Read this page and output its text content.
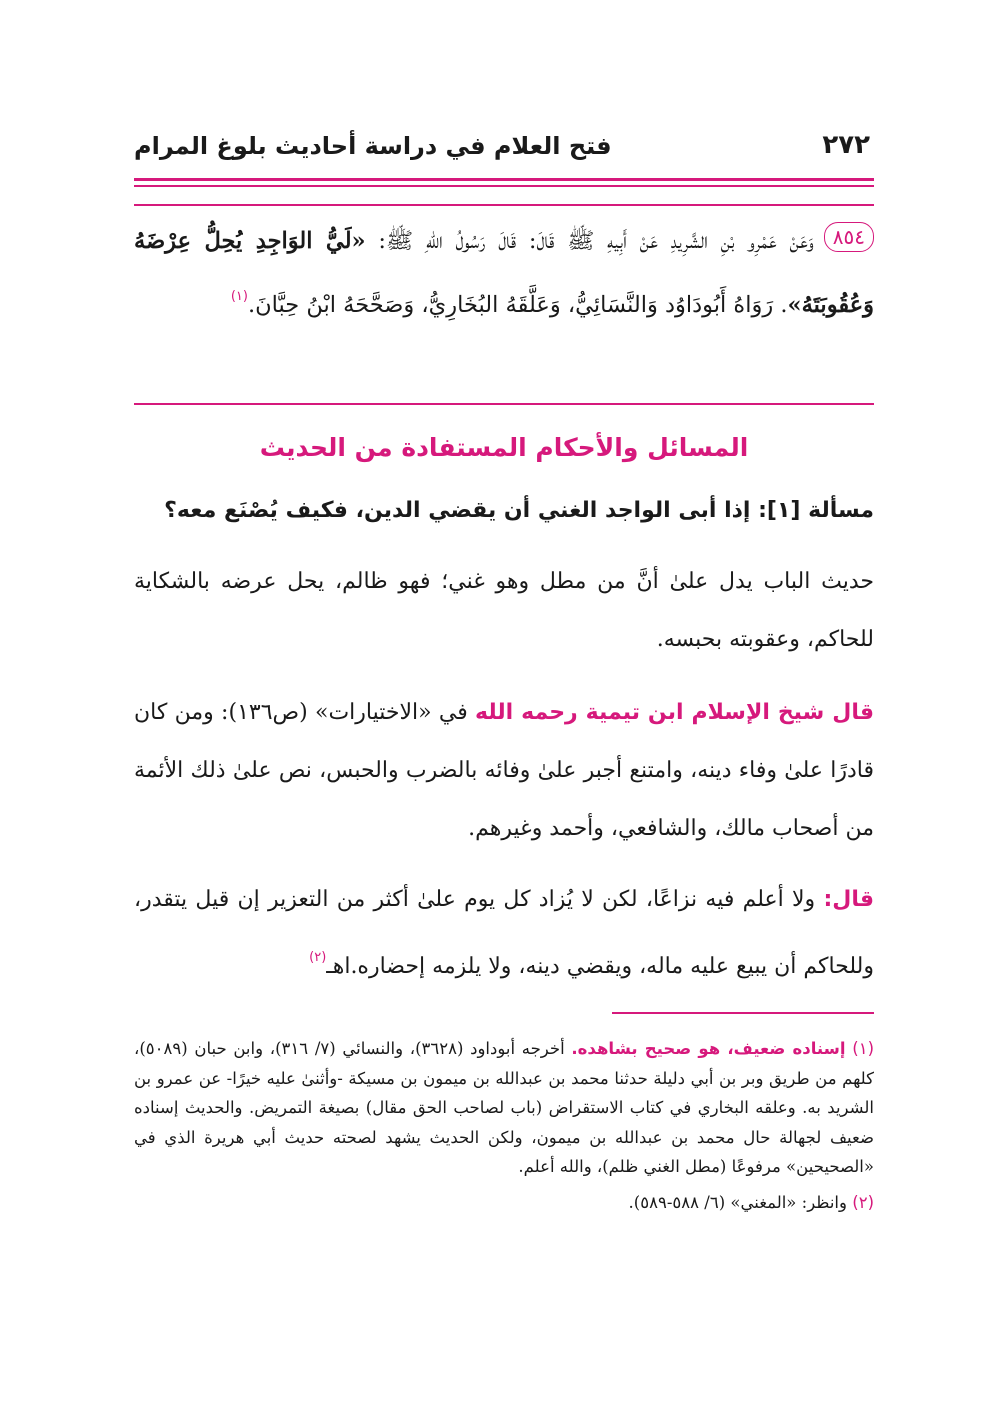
٢٧٢
فتح العلام في دراسة أحاديث بلوغ المرام
٨٥٤وَعَنْ عَمْرِو بْنِ الشَّرِيدِ عَنْ أَبِيهِ ﷺ قَالَ: قَالَ رَسُولُ اللهِ ﷺ: «لَيُّ الوَاجِدِ يُحِلُّ عِرْضَهُ وَعُقُوبَتَهُ». رَوَاهُ أَبُودَاوُد وَالنَّسَائِيُّ، وَعَلَّقَهُ البُخَارِيُّ، وَصَحَّحَهُ ابْنُ حِبَّانَ.$^{(١)}$
المسائل والأحكام المستفادة من الحديث
مسألة [١]: إذا أبى الواجد الغني أن يقضي الدين، فكيف يُصْنَع معه؟
حديث الباب يدل علىٰ أنَّ من مطل وهو غني؛ فهو ظالم، يحل عرضه بالشكاية للحاكم، وعقوبته بحبسه.
قال شيخ الإسلام ابن تيمية رحمه الله في «الاختيارات» (ص١٣٦): ومن كان قادرًا علىٰ وفاء دينه، وامتنع أجبر علىٰ وفائه بالضرب والحبس، نص علىٰ ذلك الأئمة من أصحاب مالك، والشافعي، وأحمد وغيرهم.
قال: ولا أعلم فيه نزاعًا، لكن لا يُزاد كل يوم علىٰ أكثر من التعزير إن قيل يتقدر، وللحاكم أن يبيع عليه ماله، ويقضي دينه، ولا يلزمه إحضاره.اهـ$^{(٢)}$

(١) إسناده ضعيف، هو صحيح بشاهده. أخرجه أبوداود (٣٦٢٨)، والنسائي (٧/ ٣١٦)، وابن حبان (٥٠٨٩)، كلهم من طريق وبر بن أبي دليلة حدثنا محمد بن عبدالله بن ميمون بن مسيكة -وأثنىٰ عليه خيرًا- عن عمرو بن الشريد به. وعلقه البخاري في كتاب الاستقراض (باب لصاحب الحق مقال) بصيغة التمريض. والحديث إسناده ضعيف لجهالة حال محمد بن عبدالله بن ميمون، ولكن الحديث يشهد لصحته حديث أبي هريرة الذي في «الصحيحين» مرفوعًا (مطل الغني ظلم)، والله أعلم.

(٢) وانظر: «المغني» (٦/ ٥٨٨-٥٨٩).
